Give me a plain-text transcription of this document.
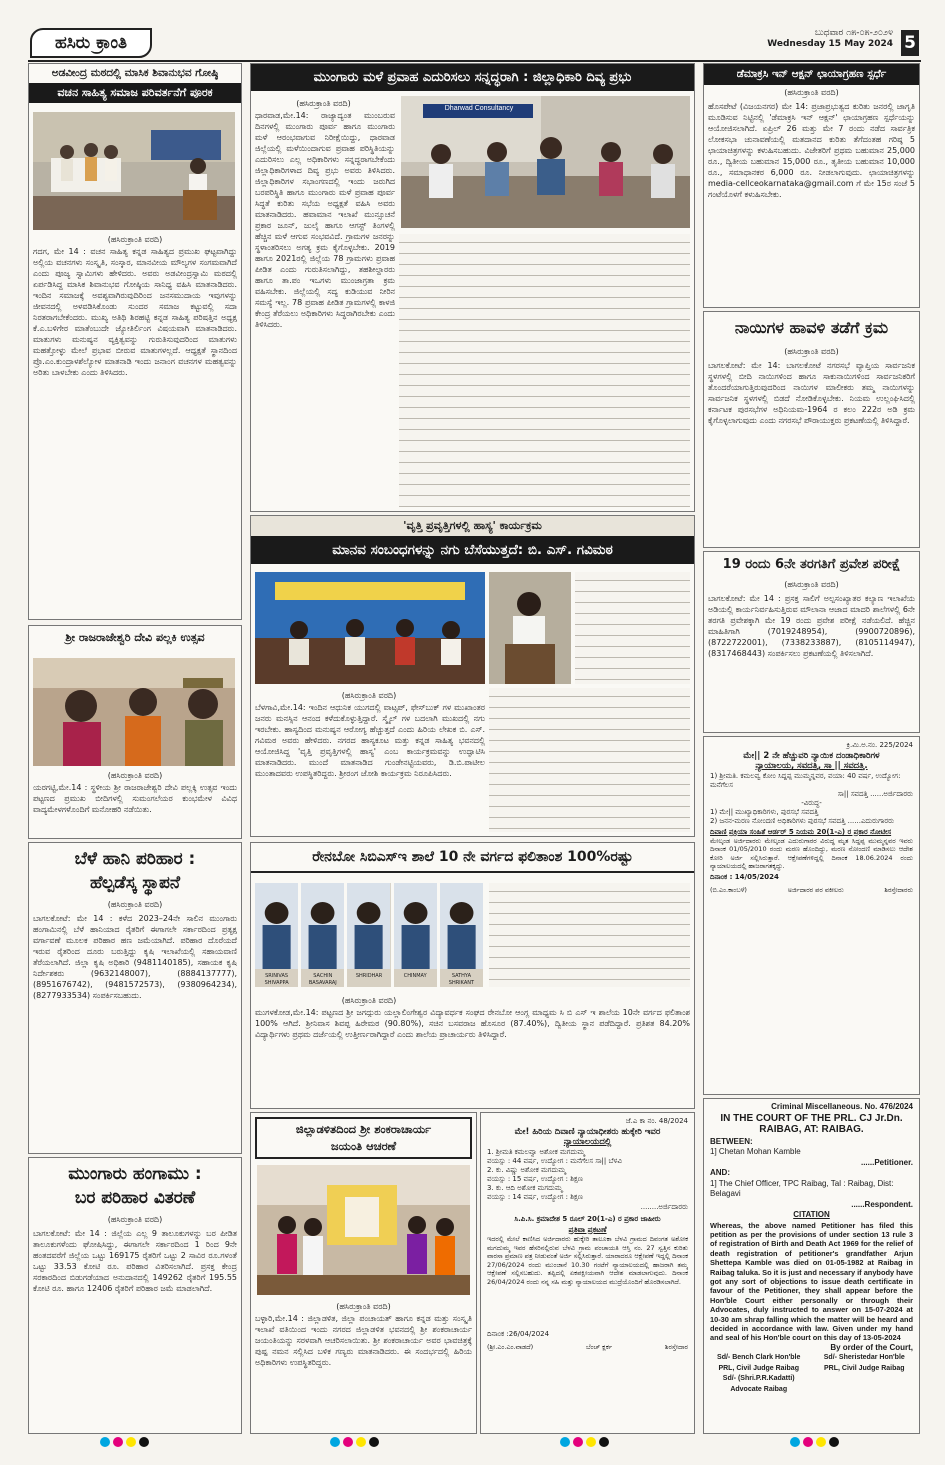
ಹಸಿರು ಕ್ರಾಂತಿ	ಬುಧವಾರ ೧೫-೦೫-೨೦೨೪
Wednesday 15 May 2024 5
ಅಡವೀಂದ್ರ ಮಠದಲ್ಲಿ ಮಾಸಿಕ ಶಿವಾನುಭವ ಗೋಷ್ಠಿ
ವಚನ ಸಾಹಿತ್ಯ ಸಮಾಜ ಪರಿವರ್ತನೆಗೆ ಪೂರಕ
(ಹಸಿರುಕ್ರಾಂತಿ ವರದಿ)
ಗದಗ, ಮೇ 14 : ವಚನ ಸಾಹಿತ್ಯ ಕನ್ನಡ ಸಾಹಿತ್ಯದ ಪ್ರಮುಖ ಘಟ್ಟವಾಗಿದ್ದು ಅಲ್ಲಿಯ ವಚನಗಳು ಸಂಸ್ಕೃತಿ, ಸಂಸ್ಕಾರ, ಮಾನವೀಯ ಮೌಲ್ಯಗಳ ಸಂಗಮವಾಗಿದೆ ಎಂದು ಪೂಜ್ಯ ಸ್ವಾಮಿಗಳು ಹೇಳಿದರು. ಅವರು ಅಡವೀಂದ್ರಸ್ವಾಮಿ ಮಠದಲ್ಲಿ ಏರ್ಪಡಿಸಿದ್ದ ಮಾಸಿಕ ಶಿವಾನುಭವ ಗೋಷ್ಠಿಯ ಸಾನಿಧ್ಯ ವಹಿಸಿ ಮಾತನಾಡಿದರು. ಇಂದಿನ ಸಮಾಜಕ್ಕೆ ಅವಶ್ಯವಾಗಿರುವುದಿರಿಂದ ಜನಸಮುದಾಯ ಇವುಗಳನ್ನು ಜೀವನದಲ್ಲಿ ಅಳವಡಿಸಿಕೊಂಡು ಸುಂದರ ಸಮಾಜ ಕಟ್ಟುವಲ್ಲಿ ಸದಾ ನಿರತರಾಗಬೇಕೆಂದರು. ಮುಖ್ಯ ಅತಿಥಿ ಶಿರಹಟ್ಟಿ ಕನ್ನಡ ಸಾಹಿತ್ಯ ಪರಿಷತ್ತಿನ ಅಧ್ಯಕ್ಷ ಕೆ.ಎ.ಬಳಿಗೇರ ಮಾತೆಂಬುದೇ ಜ್ಯೋತಿರ್ಲಿಂಗ ವಿಷಯವಾಗಿ ಮಾತನಾಡಿದರು. ಮಾತುಗಳು ಮನುಷ್ಯನ ವ್ಯಕ್ತಿತ್ವವನ್ನು ಗುರುತಿಸುವುದರಿಂದ ಮಾತುಗಳು ಮಹತ್ತೋಳ್ಳು ಮೇಲೆ ಪ್ರಭಾವ ಬೀರುವ ಮಾತುಗಳಲ್ಲದೆ. ಆಧ್ಯಕ್ಷತೆ ಸ್ಥಾನದಿಂದ ಪ್ರೊ.ಎಂ.ಕುಂದ್ರಾಳಶೆಲ್ಯೋಳ ಮಾತನಾಡಿ ಇಂದು ಜನಾಂಗ ವಚನಗಳ ಮಹತ್ವವನ್ನು ಅರಿತು ಬಾಳಬೇಕು ಎಂದು ತಿಳಿಸಿದರು.
ಶ್ರೀ ರಾಜರಾಜೇಶ್ವರಿ ದೇವಿ ಪಲ್ಲಕಿ ಉತ್ಸವ
(ಹಸಿರುಕ್ರಾಂತಿ ವರದಿ)
ಯರಗಟ್ಟಿ,ಮೇ.14 : ಸ್ಥಳೀಯ ಶ್ರೀ ರಾಜರಾಜೇಶ್ವರಿ ದೇವಿ ಪಲ್ಲಕ್ಕಿ ಉತ್ಸವ ಇಂದು ಪಟ್ಟಣದ ಪ್ರಮುಖ ಬೀದಿಗಳಲ್ಲಿ ಸುಮಂಗಲೆಯರ ಕುಂಭಮೇಳ ವಿವಿಧ ವಾದ್ಯಮೇಳಗಳೊಂದಿಗೆ ಮನೋಹರಿ ನಡೆಯಿತು.
ಬೆಳೆ ಹಾನಿ ಪರಿಹಾರ :
ಹೆಲ್ಪಡೆಸ್ಕ ಸ್ಥಾಪನೆ
(ಹಸಿರುಕ್ರಾಂತಿ ವರದಿ)
ಬಾಗಲಕೋಟೆ: ಮೇ 14 : ಕಳೆದ 2023–24ನೇ ಸಾಲಿನ ಮುಂಗಾರು ಹಂಗಾಮಿನಲ್ಲಿ ಬೆಳೆ ಹಾನಿಯಾದ ರೈತರಿಗೆ ಈಗಾಗಲೇ ಸರ್ಕಾರದಿಂದ ಪ್ರತ್ಯಕ್ಷ ವರ್ಗಾವಣೆ ಮೂಲಕ ಪರಿಹಾರ ಹಣ ಜಮೆಯಾಗಿದೆ. ಪರಿಹಾರ ದೊರೆಯದೆ ಇರುವ ರೈತರಿಂದ ದೂರು ಬರುತ್ತಿದ್ದು ಕೃಷಿ ಇಲಾಖೆಯಲ್ಲಿ ಸಹಾಯವಾಣಿ ತೆರೆಯಲಾಗಿದೆ. ಜಿಲ್ಲಾ ಕೃಷಿ ಅಧಿಕಾರಿ (9481140185), ಸಹಾಯಕ ಕೃಷಿ ನಿರ್ದೇಶಕರು (9632148007), (8884137777), (8951676742), (9481572573), (9380964234), (8277933534) ಸಂಪರ್ಕಿಸಬಹುದು.
ಮುಂಗಾರು ಹಂಗಾಮು :
ಬರ ಪರಿಹಾರ ವಿತರಣೆ
(ಹಸಿರುಕ್ರಾಂತಿ ವರದಿ)
ಬಾಗಲಕೋಟೆ: ಮೇ 14 : ಜಿಲ್ಲೆಯ ಎಲ್ಲ 9 ತಾಲೂಕುಗಳನ್ನು ಬರ ಪೀಡಿತ ತಾಲೂಕುಗಳೆಂದು ಘೋಷಿಸಿದ್ದು, ಈಗಾಗಲೇ ಸರ್ಕಾರದಿಂದ 1 ರಿಂದ 9ನೇ ಹಂತದವರೆಗೆ ಜಿಲ್ಲೆಯ ಒಟ್ಟು 169175 ರೈತರಿಗೆ ಒಟ್ಟು 2 ಸಾವಿರ ರೂ.ಗಳಂತೆ ಒಟ್ಟು 33.53 ಕೋಟಿ ರೂ. ಪರಿಹಾರ ವಿತರಿಸಲಾಗಿದೆ. ಪ್ರಸಕ್ತ ಕೇಂದ್ರ ಸರಕಾರದಿಂದ ಬಿಡುಗಡೆಯಾದ ಅನುದಾನದಲ್ಲಿ 149262 ರೈತರಿಗೆ 195.55 ಕೋಟಿ ರೂ. ಹಾಗೂ 12406 ರೈತರಿಗೆ ಪರಿಹಾರ ಜಮೆ ಮಾಡಲಾಗಿದೆ.
ಮುಂಗಾರು ಮಳೆ ಪ್ರವಾಹ ಎದುರಿಸಲು ಸನ್ನದ್ಧರಾಗಿ : ಜಿಲ್ಲಾಧಿಕಾರಿ ದಿವ್ಯ ಪ್ರಭು
(ಹಸಿರುಕ್ರಾಂತಿ ವರದಿ)
Dharwad Consultancy
ಧಾರವಾಡ,ಮೇ.14: ರಾಜ್ಯಾದ್ಯಂತ ಮುಂಬರುವ ದಿನಗಳಲ್ಲಿ ಮುಂಗಾರು ಪೂರ್ವ ಹಾಗೂ ಮುಂಗಾರು ಮಳೆ ಆರಂಭವಾಗುವ ನಿರೀಕ್ಷೆಯಿದ್ದು, ಧಾರವಾಡ ಜಿಲ್ಲೆಯಲ್ಲಿ ಮಳೆಯಿಂದಾಗುವ ಪ್ರವಾಹ ಪರಿಸ್ಥಿತಿಯನ್ನು ಎದುರಿಸಲು ಎಲ್ಲ ಅಧಿಕಾರಿಗಳು ಸನ್ನದ್ಧರಾಗಬೇಕೆಂದು ಜಿಲ್ಲಾಧಿಕಾರಿಗಳಾದ ದಿವ್ಯ ಪ್ರಭು ಅವರು ತಿಳಿಸಿದರು. ಜಿಲ್ಲಾಧಿಕಾರಿಗಳ ಸಭಾಂಗಣದಲ್ಲಿ ಇಂದು ಜರುಗಿದ ಬರಪರಿಸ್ಥಿತಿ ಹಾಗೂ ಮುಂಗಾರು ಮಳೆ ಪ್ರವಾಹ ಪೂರ್ವ ಸಿದ್ಧತೆ ಕುರಿತು ಸಭೆಯ ಅಧ್ಯಕ್ಷತೆ ವಹಿಸಿ ಅವರು ಮಾತನಾಡಿದರು. ಹವಾಮಾನ ಇಲಾಖೆ ಮುನ್ಸೂಚನೆ ಪ್ರಕಾರ ಜೂನ್, ಜುಲೈ ಹಾಗೂ ಆಗಸ್ಟ್ ತಿಂಗಳಲ್ಲಿ ಹೆಚ್ಚಿನ ಮಳೆ ಆಗುವ ಸಂಭವವಿದೆ. ಗ್ರಾಮಗಳ ಜನರನ್ನು ಸ್ಥಳಾಂತರಿಸಲು ಅಗತ್ಯ ಕ್ರಮ ಕೈಗೊಳ್ಳಬೇಕು. 2019 ಹಾಗೂ 2021ರಲ್ಲಿ ಜಿಲ್ಲೆಯ 78 ಗ್ರಾಮಗಳು ಪ್ರವಾಹ ಪೀಡಿತ ಎಂದು ಗುರುತಿಸಲಾಗಿದ್ದು, ತಹಶೀಲ್ದಾರರು ಹಾಗೂ ತಾ.ಪಂ ಇಒಗಳು ಮುಂಜಾಗ್ರತಾ ಕ್ರಮ ವಹಿಸಬೇಕು. ಜಿಲ್ಲೆಯಲ್ಲಿ ಸದ್ಯ ಕುಡಿಯುವ ನೀರಿನ ಸಮಸ್ಯೆ ಇಲ್ಲ. 78 ಪ್ರವಾಹ ಪೀಡಿತ ಗ್ರಾಮಗಳಲ್ಲಿ ಕಾಳಜಿ ಕೇಂದ್ರ ತೆರೆಯಲು ಅಧಿಕಾರಿಗಳು ಸಿದ್ಧರಾಗಿರಬೇಕು ಎಂದು ತಿಳಿಸಿದರು.
'ವೃತ್ತಿ ಪ್ರವೃತ್ತಿಗಳಲ್ಲಿ ಹಾಸ್ಯ' ಕಾರ್ಯಕ್ರಮ
ಮಾನವ ಸಂಬಂಧಗಳನ್ನು ನಗು ಬೆಸೆಯುತ್ತದೆ: ಬಿ. ಎಸ್. ಗವಿಮಠ
(ಹಸಿರುಕ್ರಾಂತಿ ವರದಿ)
ಬೆಳಗಾವಿ,ಮೇ.14: ಇಂದಿನ ಆಧುನಿಕ ಯುಗದಲ್ಲಿ ವಾಟ್ಸಪ್, ಫೇಸ್‌ಬುಕ್ ಗಳ ಮುಖಾಂತರ ಜನರು ಮನಸ್ಸಿನ ಆನಂದ ಕಳೆದುಕೊಳ್ಳುತ್ತಿದ್ದಾರೆ. ಸ್ಮೈಲ್ ಗಳ ಬದಲಾಗಿ ಮುಖದಲ್ಲಿ ನಗು ಇರಬೇಕು. ಹಾಸ್ಯದಿಂದ ಮನುಷ್ಯನ ಆರೋಗ್ಯ ಹೆಚ್ಚುತ್ತದೆ ಎಂದು ಹಿರಿಯ ಲೇಖಕ ಬಿ. ಎಸ್. ಗವಿಮಠ ಅವರು ಹೇಳಿದರು. ನಗರದ ಹಾಸ್ಯಕೂಟ ಮತ್ತು ಕನ್ನಡ ಸಾಹಿತ್ಯ ಭವನದಲ್ಲಿ ಆಯೋಜಿಸಿದ್ದ 'ವೃತ್ತಿ ಪ್ರವೃತ್ತಿಗಳಲ್ಲಿ ಹಾಸ್ಯ' ಎಂಬ ಕಾರ್ಯಕ್ರಮವನ್ನು ಉದ್ಘಾಟಿಸಿ ಮಾತನಾಡಿದರು. ಮುಂದೆ ಮಾತನಾಡಿದ ಗುಂಡೇನಟ್ಟಿಯವರು, ಡಿ.ಬಿ.ಪಾಟೀಲ ಮುಂತಾದವರು ಉಪಸ್ಥಿತರಿದ್ದರು. ಶ್ರೀರಂಗ ಜೋಶಿ ಕಾರ್ಯಕ್ರಮ ನಿರೂಪಿಸಿದರು.
ರೇನಬೋ ಸಿಬಿಎಸ್ಇ ಶಾಲೆ 10 ನೇ ವರ್ಗದ ಫಲಿತಾಂಶ 100%ರಷ್ಟು
SRINIVAS SHIVAPPA
SACHIN BASAVARAJ
SHRIDHAR	CHINMAY	SATHYA SHRIKANT
(ಹಸಿರುಕ್ರಾಂತಿ ವರದಿ)
ಮುಗಳಕೋಡ,ಮೇ.14: ಪಟ್ಟಣದ ಶ್ರೀ ಜಗದ್ಗುರು ಯಲ್ಲಾಲಿಂಗೇಶ್ವರ ವಿದ್ಯಾವರ್ಧಕ ಸಂಘದ ರೇನಬೋ ಆಂಗ್ಲ ಮಾಧ್ಯಮ ಸಿ ಬಿ ಎಸ್ ಇ ಶಾಲೆಯ 10ನೇ ವರ್ಗದ ಫಲಿತಾಂಶ 100% ಆಗಿದೆ. ಶ್ರೀನಿವಾಸ ಶಿವಪ್ಪ ಹಿರೇಮಠ (90.80%), ಸಚಿನ ಬಸವರಾಜ ಹೊಸೂರ (87.40%), ದ್ವಿತೀಯ ಸ್ಥಾನ ಪಡೆದಿದ್ದಾರೆ. ಪ್ರತಿಶತ 84.20% ವಿದ್ಯಾರ್ಥಿಗಳು ಪ್ರಥಮ ದರ್ಜೆಯಲ್ಲಿ ಉತ್ತೀರ್ಣರಾಗಿದ್ದಾರೆ ಎಂದು ಶಾಲೆಯ ಪ್ರಾಚಾರ್ಯರು ತಿಳಿಸಿದ್ದಾರೆ.
ಜಿಲ್ಲಾಡಳಿತದಿಂದ ಶ್ರೀ ಶಂಕರಾಚಾರ್ಯ
ಜಯಂತಿ ಆಚರಣೆ
(ಹಸಿರುಕ್ರಾಂತಿ ವರದಿ)
ಬಳ್ಳಾರಿ,ಮೇ.14 : ಜಿಲ್ಲಾಡಳಿತ, ಜಿಲ್ಲಾ ಪಂಚಾಯತ್ ಹಾಗೂ ಕನ್ನಡ ಮತ್ತು ಸಂಸ್ಕೃತಿ ಇಲಾಖೆ ವತಿಯಿಂದ ಇಂದು ನಗರದ ಜಿಲ್ಲಾಡಳಿತ ಭವನದಲ್ಲಿ ಶ್ರೀ ಶಂಕರಾಚಾರ್ಯ ಜಯಂತಿಯನ್ನು ಸರಳವಾಗಿ ಆಚರಿಸಲಾಯಿತು. ಶ್ರೀ ಶಂಕರಾಚಾರ್ಯ ಅವರ ಭಾವಚಿತ್ರಕ್ಕೆ ಪುಷ್ಪ ನಮನ ಸಲ್ಲಿಸಿದ ಬಳಿಕ ಗಣ್ಯರು ಮಾತನಾಡಿದರು. ಈ ಸಂದರ್ಭದಲ್ಲಿ ಹಿರಿಯ ಅಧಿಕಾರಿಗಳು ಉಪಸ್ಥಿತರಿದ್ದರು.
ಜೆ.ಎ ಕಾ ನಂ. 48/2024
ಮೇ! ಹಿರಿಯ ದಿವಾಣಿ ನ್ಯಾಯಾಧೀಶರು ಹುಕ್ಕೇರಿ ಇವರ
ನ್ಯಾಯಾಲಯದಲ್ಲಿ
1. ಶ್ರೀಮತಿ ಕಮಲವ್ವಾ ಅಶೋಕ ಮಗದುಮ್ಮ
ವಯಸ್ಸು : 44 ವರ್ಷ, ಉದ್ಯೋಗ : ಮನೆಗೆಲಸ ಸಾ|| ಬೆಳವಿ
2. ಕು. ವಿಷ್ಣು ಅಶೋಕ ಮಗದುಮ್ಮ
ವಯಸ್ಸು : 15 ವರ್ಷ, ಉದ್ಯೋಗ : ಶಿಕ್ಷಣ
3. ಕು. ಆದಿ ಅಶೋಕ ಮಗದುಮ್ಮ
ವಯಸ್ಸು : 14 ವರ್ಷ, ಉದ್ಯೋಗ : ಶಿಕ್ಷಣ
........ಅರ್ಜಿದಾರರು
ಸಿ.ಪಿ.ಸಿ. ಕ್ರಮಾದೇಶ 5 ರೂಲ್ 20(1-ಎ) ರ ಪ್ರಕಾರ ಜಾಹೀರು
ಪ್ರತಿವಾ ಪ್ರಕಟಣೆ
ಇದರಲ್ಲಿ ಮೇಲೆ ಕಾಣಿಸಿದ ಅರ್ಜಿದಾರರು ಹುಕ್ಕೇರಿ ತಾಲೂಕಾ ಬೆಳವಿ ಗ್ರಾಮದ ದಿವಂಗತ ಅಶೋಕ ಮಗದುಮ್ಮ ಇವರ ಹೆಸರಿನಲ್ಲಿರುವ ಬೆಳವಿ ಗ್ರಾಮ ಪಂಚಾಯತಿ ಆಸ್ತಿ ನಂ. 27 ಸ್ವತ್ತಿನ ಕುರಿತು ವಾರಸಾ ಪ್ರಮಾಣ ಪತ್ರ ನೀಡುವಂತೆ ಅರ್ಜಿ ಸಲ್ಲಿಸಿರುತ್ತಾರೆ. ಯಾರಾದರೂ ಆಕ್ಷೇಪಣೆ ಇದ್ದಲ್ಲಿ ದಿನಾಂಕ 27/06/2024 ರಂದು ಮುಂಜಾನೆ 10.30 ಗಂಟೆಗೆ ನ್ಯಾಯಾಲಯದಲ್ಲಿ ಹಾಜರಾಗಿ ತಮ್ಮ ಆಕ್ಷೇಪಣೆ ಸಲ್ಲಿಸಬಹುದು. ತಪ್ಪಿದಲ್ಲಿ ಏಕಪಕ್ಷೀಯವಾಗಿ ಆದೇಶ ಮಾಡಲಾಗುವುದು. ದಿನಾಂಕ 26/04/2024 ರಂದು ನನ್ನ ಸಹಿ ಮತ್ತು ನ್ಯಾಯಾಲಯದ ಮುದ್ರೆಯೊಂದಿಗೆ ಹೊರಡಿಸಲಾಗಿದೆ.
ದಿನಾಂಕ :26/04/2024
(ಶ್ರೀ.ಎಂ.ಎಂ.ವಾಡದೆ)	ಬೆಂಚ್ ಕ್ಲರ್ಕ	ಶಿರಸ್ತೇದಾರ
ಡೆಮಾಕ್ರಸಿ ಇನ್ ಆಕ್ಷನ್ ಛಾಯಾಗ್ರಹಣ ಸ್ಪರ್ಧೆ
(ಹಸಿರುಕ್ರಾಂತಿ ವರದಿ)
ಹೊಸಪೇಟೆ (ವಿಜಯನಗರ) ಮೇ 14: ಪ್ರಜಾಪ್ರಭುತ್ವದ ಕುರಿತು ಜನರಲ್ಲಿ ಜಾಗೃತಿ ಮೂಡಿಸುವ ನಿಟ್ಟಿನಲ್ಲಿ 'ಡೆಮಾಕ್ರಸಿ ಇನ್ ಆಕ್ಷನ್' ಛಾಯಾಗ್ರಹಣ ಸ್ಪರ್ಧೆಯನ್ನು ಆಯೋಜಿಸಲಾಗಿದೆ. ಏಪ್ರಿಲ್ 26 ಮತ್ತು ಮೇ 7 ರಂದು ನಡೆದ ಸಾರ್ವತ್ರಿಕ ಲೋಕಸಭಾ ಚುನಾವಣೆಯಲ್ಲಿ ಮತದಾನದ ಕುರಿತು ತೆಗೆದಂತಹ ಗರಿಷ್ಠ 5 ಛಾಯಾಚಿತ್ರಗಳನ್ನು ಕಳುಹಿಸಬಹುದು. ವಿಜೇತರಿಗೆ ಪ್ರಥಮ ಬಹುಮಾನ 25,000 ರೂ., ದ್ವಿತೀಯ ಬಹುಮಾನ 15,000 ರೂ., ತೃತೀಯ ಬಹುಮಾನ 10,000 ರೂ., ಸಮಾಧಾನಕರ 6,000 ರೂ. ನೀಡಲಾಗುವುದು. ಛಾಯಾಚಿತ್ರಗಳನ್ನು media-cellceokarnataka@gmail.com ಗೆ ಮೇ 15ರ ಸಂಜೆ 5 ಗಂಟೆಯೊಳಗೆ ಕಳುಹಿಸಬೇಕು.
ನಾಯಿಗಳ ಹಾವಳಿ ತಡೆಗೆ ಕ್ರಮ
(ಹಸಿರುಕ್ರಾಂತಿ ವರದಿ)
ಬಾಗಲಕೋಟೆ: ಮೇ 14: ಬಾಗಲಕೋಟೆ ನಗರಸಭೆ ವ್ಯಾಪ್ತಿಯ ಸಾರ್ವಜನಿಕ ಸ್ಥಳಗಳಲ್ಲಿ ಬೀದಿ ನಾಯಿಗಳಿಂದ ಹಾಗೂ ಸಾಕುನಾಯಿಗಳಿಂದ ಸಾರ್ವಜನಿಕರಿಗೆ ತೊಂದರೆಯಾಗುತ್ತಿರುವುದರಿಂದ ನಾಯಿಗಳ ಮಾಲೀಕರು ತಮ್ಮ ನಾಯಿಗಳನ್ನು ಸಾರ್ವಜನಿಕ ಸ್ಥಳಗಳಲ್ಲಿ ಬಿಡದೆ ನೋಡಿಕೊಳ್ಳಬೇಕು. ನಿಯಮ ಉಲ್ಲಂಘಿಸಿದಲ್ಲಿ ಕರ್ನಾಟಕ ಪುರಸಭೆಗಳ ಅಧಿನಿಯಮ-1964 ರ ಕಲಂ 222ರ ಅಡಿ ಕ್ರಮ ಕೈಗೊಳ್ಳಲಾಗುವುದು ಎಂದು ನಗರಸಭೆ ಪೌರಾಯುಕ್ತರು ಪ್ರಕಟಣೆಯಲ್ಲಿ ತಿಳಿಸಿದ್ದಾರೆ.
19 ರಂದು 6ನೇ ತರಗತಿಗೆ ಪ್ರವೇಶ ಪರೀಕ್ಷೆ
(ಹಸಿರುಕ್ರಾಂತಿ ವರದಿ)
ಬಾಗಲಕೋಟೆ: ಮೇ 14 : ಪ್ರಸಕ್ತ ಸಾಲಿಗೆ ಅಲ್ಪಸಂಖ್ಯಾತರ ಕಲ್ಯಾಣ ಇಲಾಖೆಯ ಅಡಿಯಲ್ಲಿ ಕಾರ್ಯನಿರ್ವಹಿಸುತ್ತಿರುವ ಮೌಲಾನಾ ಆಜಾದ ಮಾದರಿ ಶಾಲೆಗಳಲ್ಲಿ 6ನೇ ತರಗತಿ ಪ್ರವೇಶಕ್ಕಾಗಿ ಮೇ 19 ರಂದು ಪ್ರವೇಶ ಪರೀಕ್ಷೆ ನಡೆಯಲಿದೆ. ಹೆಚ್ಚಿನ ಮಾಹಿತಿಗಾಗಿ (7019248954), (9900720896), (8722722001), (7338233887), (8105114947), (8317468443) ಸಂಪರ್ಕಿಸಲು ಪ್ರಕಟಣೆಯಲ್ಲಿ ತಿಳಿಸಲಾಗಿದೆ.
ಕ್ರಿ.ಮಿ.ಅ.ನಂ. 225/2024
ಮೇ|| 2 ನೇ ಹೆಚ್ಚುವರಿ ನ್ಯಾಯಿಕ ದಂಡಾಧಿಕಾರಿಗಳ
ನ್ಯಾಯಾಲಯ, ಸವದತ್ತಿ, ಸಾ || ಸವದತ್ತಿ.
1) ಶ್ರೀಮತಿ. ಕಮಲವ್ವ ಕೋಂ ಸಿದ್ದಪ್ಪ ಮುಮ್ಮನ್ನವರ, ವಯಾ: 40 ವರ್ಷ, ಉದ್ಯೋಗ: ಮನೆಗೆಲಸ
ಸಾ|| ಸವದತ್ತಿ ......ಅರ್ಜಿದಾರರು
-ವಿರುದ್ಧ-
1) ಮೇ|| ಮುಖ್ಯಾಧಿಕಾರಿಗಳು, ಪುರಸಭೆ ಸವದತ್ತಿ
2) ಜನನ-ಮರಣ ನೋಂದಣಿ ಅಧಿಕಾರಿಗಳು ಪುರಸಭೆ ಸವದತ್ತಿ ......ಎದುರುಗಾರರು
ದಿವಾಣಿ ಪ್ರಕ್ರಿಯಾ ಸಂಹಿತೆ ಆರ್ಡರ್ 5 ನಿಯಮ 20(1-ಎ) ರ ಪ್ರಕಾರ ನೋಟೀಸ
ಮೇಲ್ಕಂಡ ಅರ್ಜಿದಾರರು ಮೇಲ್ಕಂಡ ಎದುರುಗಾರರ ವಿರುದ್ಧ ಮೃತ ಸಿದ್ದಪ್ಪ ಮುಮ್ಮನ್ನವರ ಇವರು ದಿನಾಂಕ 01/05/2010 ರಂದು ಮರಣ ಹೊಂದಿದ್ದು, ಮರಣ ನೋಂದಣಿ ಮಾಡಿಸಲು ಆದೇಶ ಕೋರಿ ಅರ್ಜಿ ಸಲ್ಲಿಸಿರುತ್ತಾರೆ. ಆಕ್ಷೇಪಣೆಗಳಿದ್ದಲ್ಲಿ ದಿನಾಂಕ 18.06.2024 ರಂದು ನ್ಯಾಯಾಲಯದಲ್ಲಿ ಹಾಜರಾಗತಕ್ಕದ್ದು.
ದಿನಾಂಕ : 14/05/2024
(ಬಿ.ಎಂ.ಕಾಂಬಳೆ)	ಅರ್ಜಿದಾರರ ಪರ ವಕೀಲರು	ಶಿರಸ್ತೇದಾರರು
Criminal Miscellaneous. No. 476/2024
IN THE COURT OF THE PRL. CJ Jr.Dn. RAIBAG, AT: RAIBAG.
BETWEEN:
1] Chetan Mohan Kamble
......Petitioner.
AND:
1] The Chief Officer, TPC Raibag, Tal : Raibag, Dist: Belagavi
......Respondent.
CITATION
Whereas, the above named Petitioner has filed this petition as per the provisions of under section 13 rule 3 of registration of Birth and Death Act 1969 for the relief of death registration of petitioner's grandfather Arjun Shettepa Kamble was died on 01-05-1982 at Raibag in Raibag taluka. So it is just and necessary if anybody have got any sort of objections to issue death certificate in favour of the Petitioner, they shall appear before the Hon'ble Court either personally or through their Advocates, duly instructed to answer on 15-07-2024 at 10-30 am shrap falling which the matter will be heard and decided in accordance with law. Given under my hand and seal of his Hon'ble court on this day of 13-05-2024
By order of the Court,
Sd/- Bench Clark Hon'ble PRL, Civil Judge Raibag
Sd/- Sheristedar Hon'ble PRL, Civil Judge Raibag
Sd/- (Shri.P.R.Kadatti) Advocate Raibag
